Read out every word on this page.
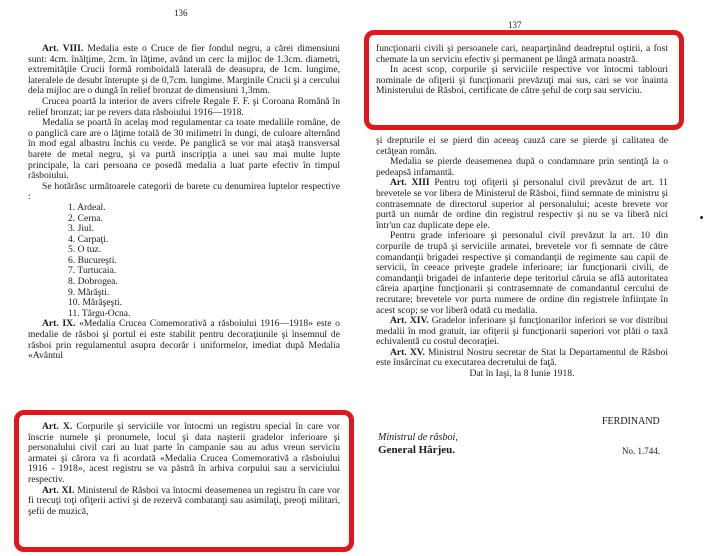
136

Art. VIII. Medalia este o Cruce de fier fondul negru, a cărei dimensiuni sunt: 4cm. înălţime, 2cm. în lăţime, având un cerc la mijloc de 1.3cm. diametri, extremităţile Crucii formă romboidală laterală de deasupra, de 1cm. lungime, lateralele de desubt înterupte şi de 0,7cm. lungime. Marginile Crucii şi a cercului dela mijloc are o dungă în relief bronzat de dimensiuni 1,3mm.

Crucea poartă la interior de avers cifrele Regale F. F. şi Coroana Română în relief bronzat; iar pe revers data răsboiului 1916—1918.

Medalia se poartă în acelaş mod regulamentar ca toate medaliile române, de o panglică care are o lăţime totală de 30 milimetri în dungi, de culoare alternând în mod egal albastru închis cu verde. Pe panglică se vor mai ataşă transversal barete de metal negru, şi va purtă inscripţia a unei sau mai multe lupte principale, la cari persoana ce posedă medalia a luat parte efectiv în timpul răsboiului.

Se hotărăsc următoarele categorii de barete cu denumirea luptelor respective :

1. Ardeal.
2. Cerna.
3. Jiul.
4. Carpaţi.
5. O tuz.
6. Bucureşti.
7. Turtucaia.
8. Dobrogea.
9. Mărăşti.
10. Mărăşeşti.
11. Târgu-Ocna.

Art. IX. «Medalia Crucea Comemorativă a răsboiului 1916—1918» este o medalie de răsboi şi portul ei este stabilit pentru decoraţiunile şi însemnul de răsboi prin regulamentul asupra decorăr i uniformelor, imediat după Medalia «Avântul

Art. X. Corpurile şi serviciile vor întocmi un registru special în care vor înscrie numele şi pronumele, locul şi data naşterii gradelor inferioare şi personalului civil cari au luat parte în campanie sau au adus vreun serviciu armatei şi cărora va fi acordată «Medalia Crucea Comemorativă a răsboiului 1916 - 1918», acest registru se va păstră în arhiva corpului sau a serviciului respectiv.

Art. XI. Ministerul de Răsboi va întocmi deasemenea un registru în care vor fi trecuţi toţi ofiţerii activi şi de rezervă combatanţi sau asimilaţi, preoţi militari, şefii de muzică,

137

funcţionarii civili şi persoanele cari, neaparţinând deadreptul oştirii, a fost chemate la un serviciu efectiv şi permanent pe lângă armata noastră.

In acest scop, corpurile şi serviciile respective vor întocmi tablouri nominale de ofiţerii şi funcţionarii prevăzuţi mai sus, cari se vor înainta Ministerului de Răsboi, certificate de către şeful de corp sau serviciu.

şi drepturile ei se pierd din aceeaş cauză care se pierde şi calitatea de cetăţean român.

Medalia se pierde deasemenea după o condamnare prin sentinţă la o pedeapsă infamantă.

Art. XIII Pentru toţi ofiţerii şi personalul civil prevăzut de art. 11 brevetele se vor libera de Ministerul de Răsboi, fiind semnate de ministru şi contrasemnate de directorul superior al personalului; aceste brevete vor purtă un număr de ordine din registrul respectiv şi nu se va liberă nici într'un caz duplicate depe ele.

Pentru grade inferioare şi personalul civil prevăzut la art. 10 din corpurile de trupă şi serviciile armatei, brevetele vor fi semnate de către comandanţii brigadei respective şi comandanţii de regimente sau capii de servicii, în ceeace priveşte gradele inferioare; iar funcţionarii civili, de comandanţii brigadei de infanterie depe teritoriul căruia se află autoritatea căreia aparţine funcţionarii şi contrasemnate de comandantul cercului de recrutare; brevetele vor purta numere de ordine din registrele înfiinţate în acest scop; se vor liberă odată cu medalia.

Art. XIV. Gradelor inferioare şi funcţionarilor inferiori se vor distribui medalii în mod gratuit, iar ofiţerii şi funcţionarii superiori vor plăti o taxă echivalentă cu costul decoraţiei.

Art. XV. Ministrul Nostru secretar de Stat la Departamentul de Răsboi este însărcinat cu executarea decretului de faţă.

Dat în Iaşi, la 8 Iunie 1918.

FERDINAND
Ministrul de răsboi,
General Hârjeu.	No. 1.744.
